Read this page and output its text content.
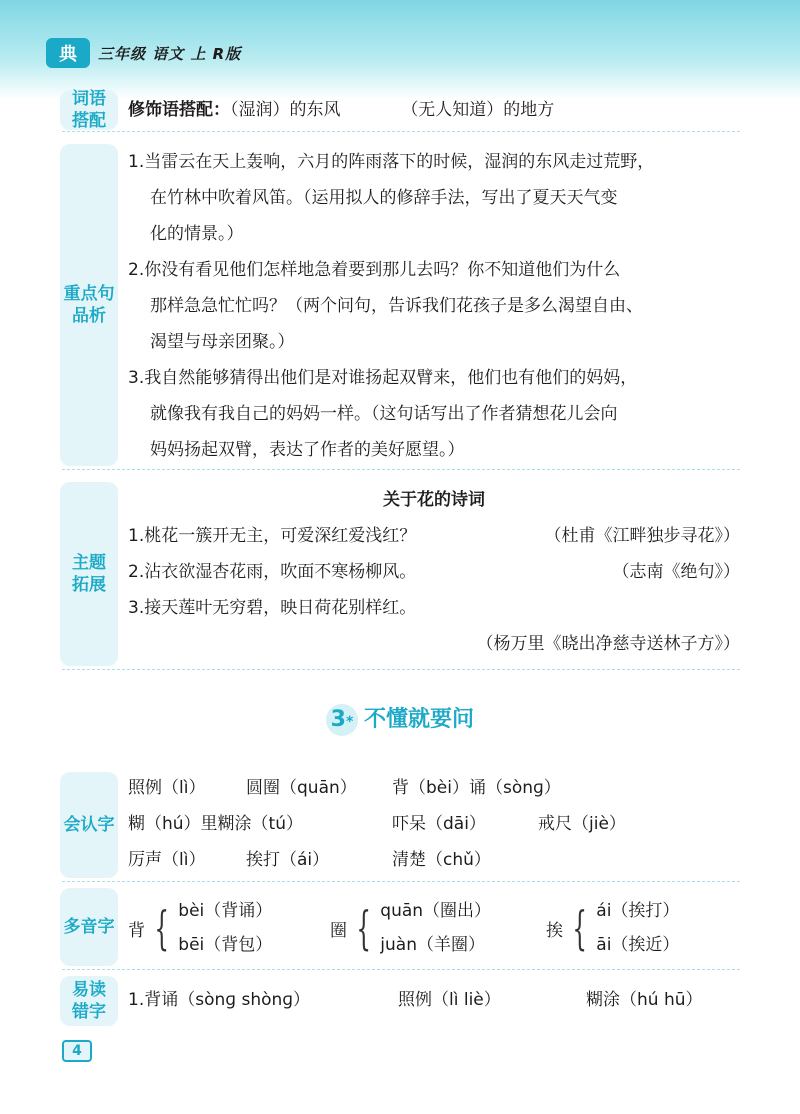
典	三年级 语文 上 R版
词语
搭配

修饰语搭配：（湿润）的东风	（无人知道）的地方

重点句
品析

1.当雷云在天上轰响，六月的阵雨落下的时候，湿润的东风走过荒野，

在竹林中吹着风笛。（运用拟人的修辞手法，写出了夏天天气变

化的情景。）

2.你没有看见他们怎样地急着要到那儿去吗？你不知道他们为什么

那样急急忙忙吗？（两个问句，告诉我们花孩子是多么渴望自由、

渴望与母亲团聚。）

3.我自然能够猜得出他们是对谁扬起双臂来，他们也有他们的妈妈，

就像我有我自己的妈妈一样。（这句话写出了作者猜想花儿会向

妈妈扬起双臂，表达了作者的美好愿望。）

主题
拓展

关于花的诗词

1.桃花一簇开无主，可爱深红爱浅红？	（杜甫《江畔独步寻花》）

2.沾衣欲湿杏花雨，吹面不寒杨柳风。	（志南《绝句》）

3.接天莲叶无穷碧，映日荷花别样红。

（杨万里《晓出净慈寺送林子方》）

3* 不懂就要问
会认字

照例（lì）	圆圈（quān）	背（bèi）诵（sònɡ）

糊（hú）里糊涂（tú）	吓呆（dāi）	戒尺（jiè）

厉声（lì）	挨打（ái）	清楚（chǔ）

多音字 背 { bèi（背诵）

bēi（背包）

圈 { quān（圈出）

juàn（羊圈）

挨 { ái（挨打）

āi（挨近）

易读
错字

1.背诵（sònɡ shònɡ）	照例（lì liè）	糊涂（hú hū）

4
